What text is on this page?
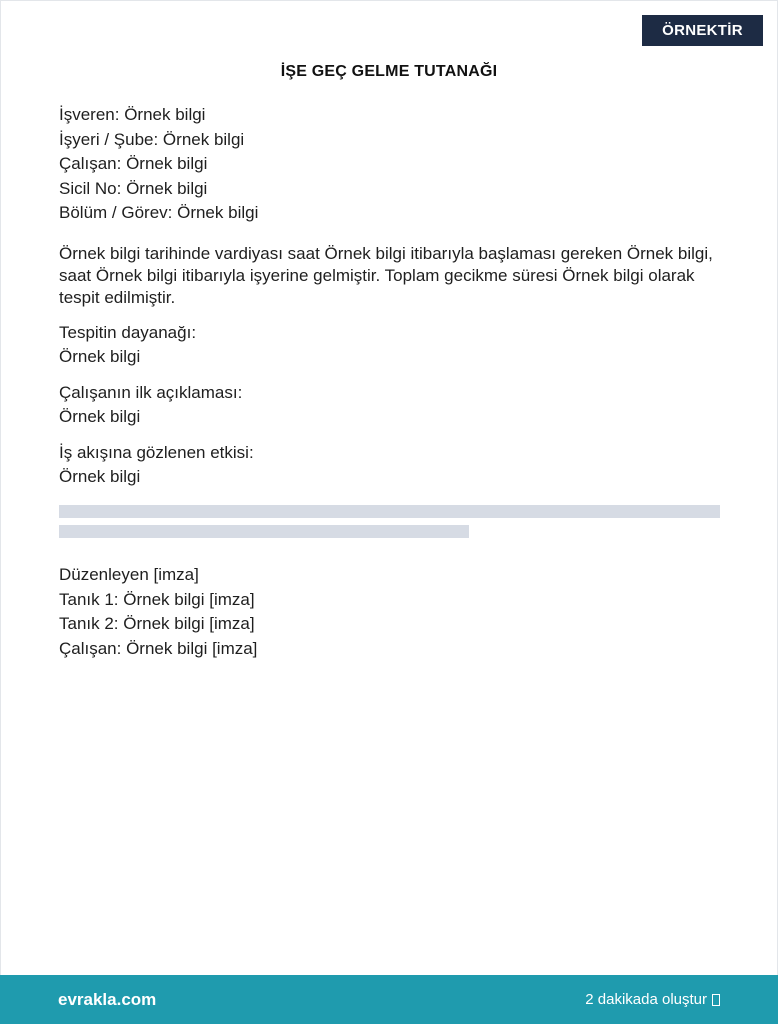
ÖRNEKTİR
İŞE GEÇ GELME TUTANAĞI
İşveren: Örnek bilgi
İşyeri / Şube: Örnek bilgi
Çalışan: Örnek bilgi
Sicil No: Örnek bilgi
Bölüm / Görev: Örnek bilgi
Örnek bilgi tarihinde vardiyası saat Örnek bilgi itibarıyla başlaması gereken Örnek bilgi, saat Örnek bilgi itibarıyla işyerine gelmiştir. Toplam gecikme süresi Örnek bilgi olarak tespit edilmiştir.
Tespitin dayanağı:
Örnek bilgi
Çalışanın ilk açıklaması:
Örnek bilgi
İş akışına gözlenen etkisi:
Örnek bilgi
Düzenleyen [imza]
Tanık 1: Örnek bilgi [imza]
Tanık 2: Örnek bilgi [imza]
Çalışan: Örnek bilgi [imza]
evrakla.com	2 dakikada oluştur
